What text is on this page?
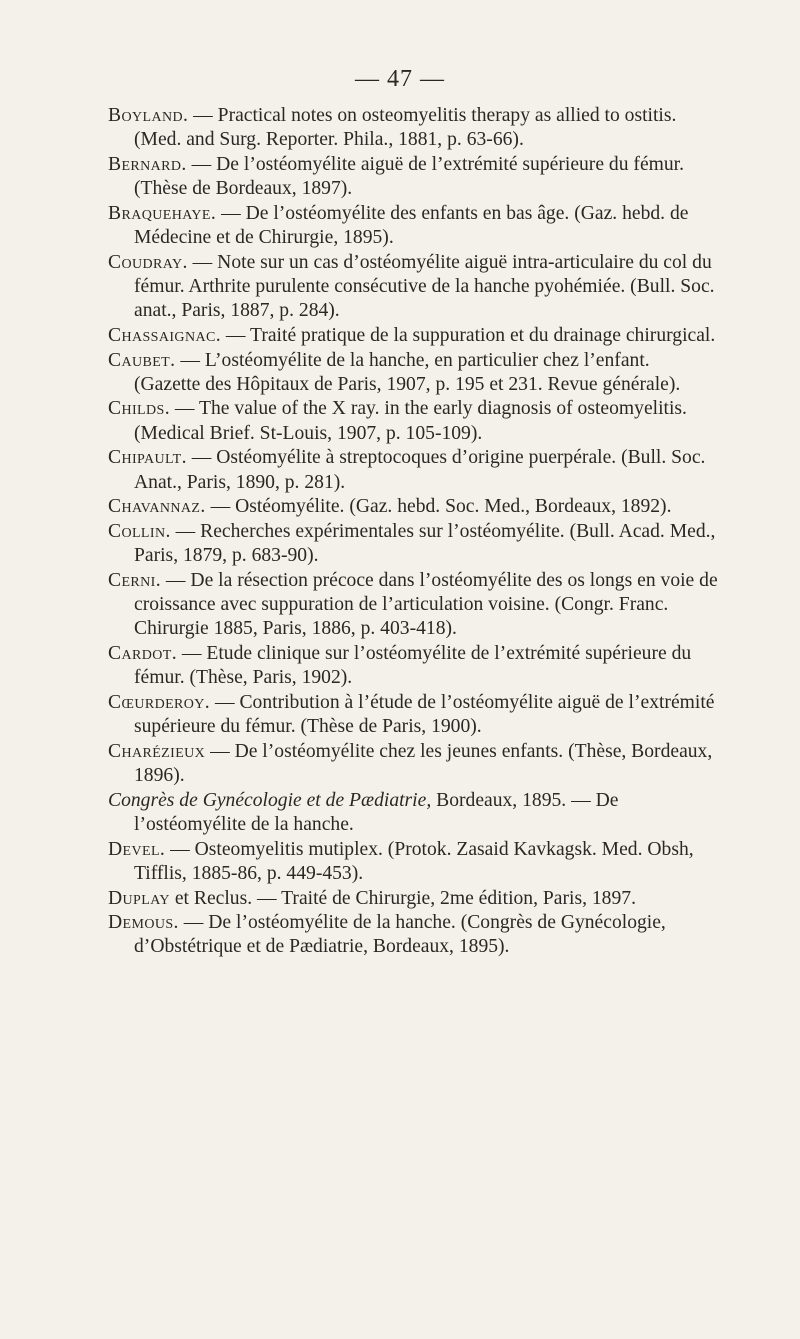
— 47 —

Boyland. — Practical notes on osteomyelitis therapy as allied to ostitis. (Med. and Surg. Reporter. Phila., 1881, p. 63-66).

Bernard. — De l’ostéomyélite aiguë de l’extrémité supérieure du fémur. (Thèse de Bordeaux, 1897).

Braquehaye. — De l’ostéomyélite des enfants en bas âge. (Gaz. hebd. de Médecine et de Chirurgie, 1895).

Coudray. — Note sur un cas d’ostéomyélite aiguë intra-articulaire du col du fémur. Arthrite purulente consécutive de la hanche pyohémiée. (Bull. Soc. anat., Paris, 1887, p. 284).

Chassaignac. — Traité pratique de la suppuration et du drainage chirurgical.

Caubet. — L’ostéomyélite de la hanche, en particulier chez l’enfant. (Gazette des Hôpitaux de Paris, 1907, p. 195 et 231. Revue générale).

Childs. — The value of the X ray. in the early diagnosis of osteomyelitis. (Medical Brief. St-Louis, 1907, p. 105-109).

Chipault. — Ostéomyélite à streptocoques d’origine puerpérale. (Bull. Soc. Anat., Paris, 1890, p. 281).

Chavannaz. — Ostéomyélite. (Gaz. hebd. Soc. Med., Bordeaux, 1892).

Collin. — Recherches expérimentales sur l’ostéomyélite. (Bull. Acad. Med., Paris, 1879, p. 683-90).

Cerni. — De la résection précoce dans l’ostéomyélite des os longs en voie de croissance avec suppuration de l’articulation voisine. (Congr. Franc. Chirurgie 1885, Paris, 1886, p. 403-418).

Cardot. — Etude clinique sur l’ostéomyélite de l’extrémité supérieure du fémur. (Thèse, Paris, 1902).

Cœurderoy. — Contribution à l’étude de l’ostéomyélite aiguë de l’extrémité supérieure du fémur. (Thèse de Paris, 1900).

Charézieux — De l’ostéomyélite chez les jeunes enfants. (Thèse, Bordeaux, 1896).

Congrès de Gynécologie et de Pædiatrie, Bordeaux, 1895. — De l’ostéomyélite de la hanche.

Devel. — Osteomyelitis mutiplex. (Protok. Zasaid Kavkagsk. Med. Obsh, Tifflis, 1885-86, p. 449-453).

Duplay et Reclus. — Traité de Chirurgie, 2me édition, Paris, 1897.

Demous. — De l’ostéomyélite de la hanche. (Congrès de Gynécologie, d’Obstétrique et de Pædiatrie, Bordeaux, 1895).
